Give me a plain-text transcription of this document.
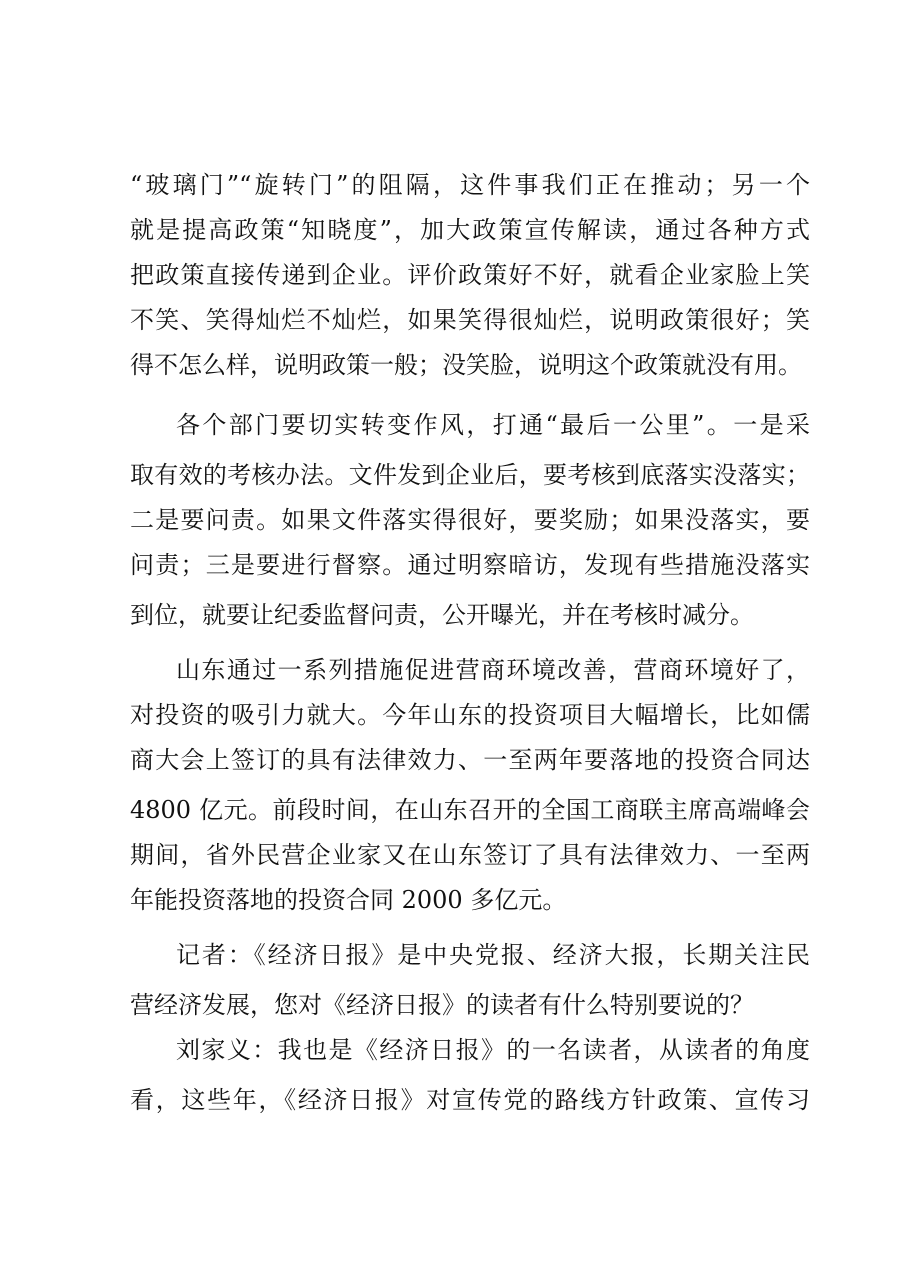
“玻璃门”“旋转门”的阻隔，这件事我们正在推动；另一个
就是提高政策“知晓度”，加大政策宣传解读，通过各种方式
把政策直接传递到企业。评价政策好不好，就看企业家脸上笑
不笑、笑得灿烂不灿烂，如果笑得很灿烂，说明政策很好；笑
得不怎么样，说明政策一般；没笑脸，说明这个政策就没有用。
各个部门要切实转变作风，打通“最后一公里”。一是采
取有效的考核办法。文件发到企业后，要考核到底落实没落实；
二是要问责。如果文件落实得很好，要奖励；如果没落实，要
问责；三是要进行督察。通过明察暗访，发现有些措施没落实
到位，就要让纪委监督问责，公开曝光，并在考核时减分。
山东通过一系列措施促进营商环境改善，营商环境好了，
对投资的吸引力就大。今年山东的投资项目大幅增长，比如儒
商大会上签订的具有法律效力、一至两年要落地的投资合同达
4800 亿元。前段时间，在山东召开的全国工商联主席高端峰会
期间，省外民营企业家又在山东签订了具有法律效力、一至两
年能投资落地的投资合同 2000 多亿元。
记者：《经济日报》是中央党报、经济大报，长期关注民
营经济发展，您对《经济日报》的读者有什么特别要说的？
刘家义：我也是《经济日报》的一名读者，从读者的角度
看，这些年，《经济日报》对宣传党的路线方针政策、宣传习
